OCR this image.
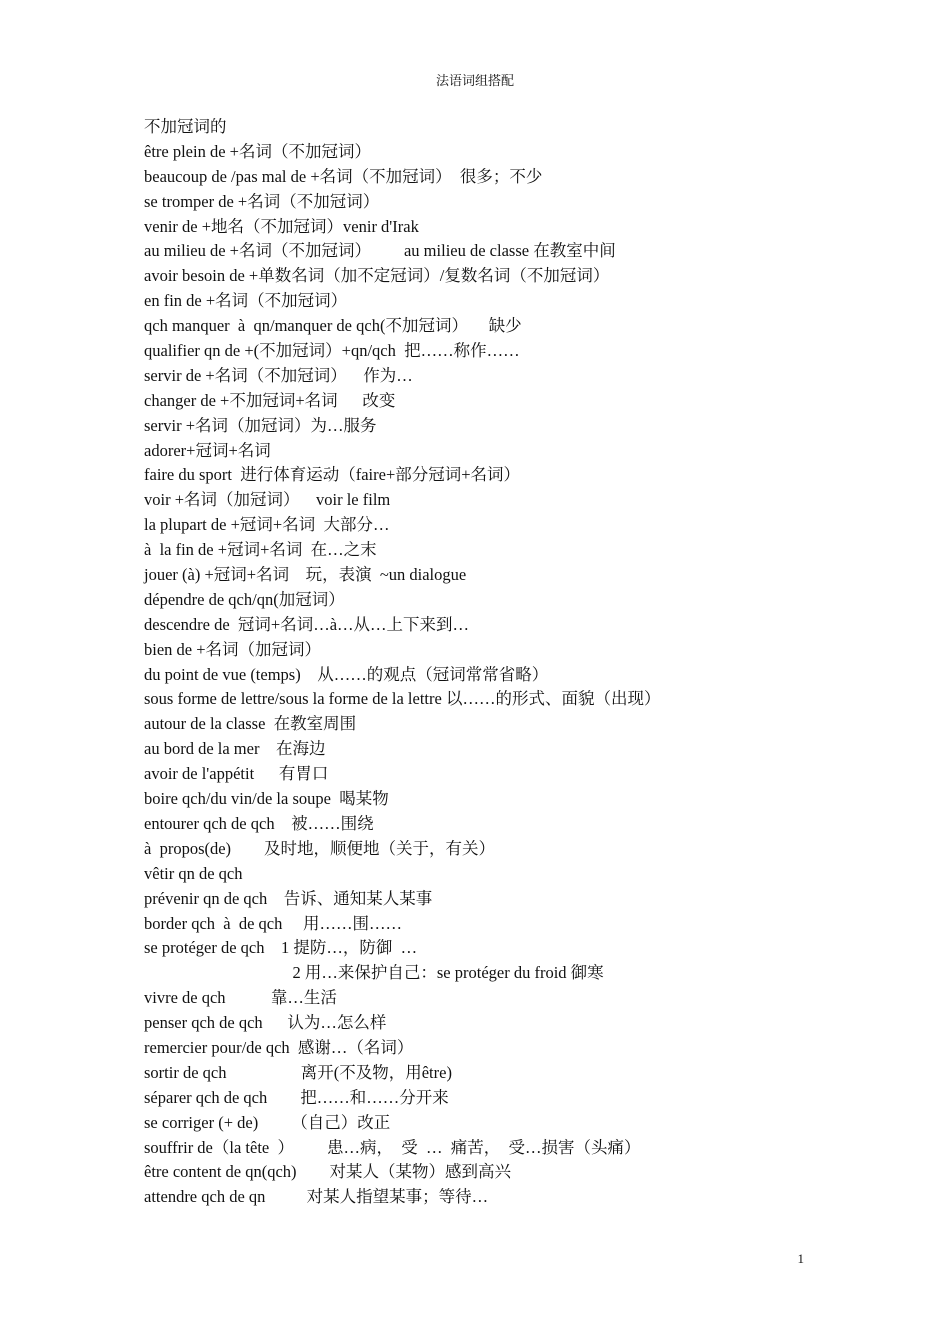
法语词组搭配
不加冠词的
être plein de +名词（不加冠词）
beaucoup de /pas mal de +名词（不加冠词）  很多；不少
se tromper de +名词（不加冠词）
venir de +地名（不加冠词）venir d'Irak
au milieu de +名词（不加冠词）        au milieu de classe 在教室中间
avoir besoin de +单数名词（加不定冠词）/复数名词（不加冠词）
en fin de +名词（不加冠词）
qch manquer  à  qn/manquer de qch(不加冠词）     缺少
qualifier qn de +(不加冠词）+qn/qch  把……称作……
servir de +名词（不加冠词）    作为…
changer de +不加冠词+名词      改变
servir +名词（加冠词）为…服务
adorer+冠词+名词
faire du sport  进行体育运动（faire+部分冠词+名词）
voir +名词（加冠词）    voir le film
la plupart de +冠词+名词  大部分…
à  la fin de +冠词+名词  在…之末
jouer (à) +冠词+名词    玩，表演  ~un dialogue
dépendre de qch/qn(加冠词）
descendre de  冠词+名词…à…从…上下来到…
bien de +名词（加冠词）
du point de vue (temps)    从……的观点（冠词常常省略）
sous forme de lettre/sous la forme de la lettre 以……的形式、面貌（出现）
autour de la classe  在教室周围
au bord de la mer    在海边
avoir de l'appétit      有胃口
boire qch/du vin/de la soupe  喝某物
entourer qch de qch    被……围绕
à  propos(de)        及时地，顺便地（关于，有关）
vêtir qn de qch
prévenir qn de qch    告诉、通知某人某事
border qch  à  de qch     用……围……
se protéger de qch    1 提防…，防御  …
2 用…来保护自己：se protéger du froid 御寒
vivre de qch           靠…生活
penser qch de qch      认为…怎么样
remercier pour/de qch  感谢…（名词）
sortir de qch                  离开(不及物，用être)
séparer qch de qch        把……和……分开来
se corriger (+ de)        （自己）改正
souffrir de（la tête  ）        患…病，  受  …  痛苦，  受…损害（头痛）
être content de qn(qch)        对某人（某物）感到高兴
attendre qch de qn          对某人指望某事；等待…
1
